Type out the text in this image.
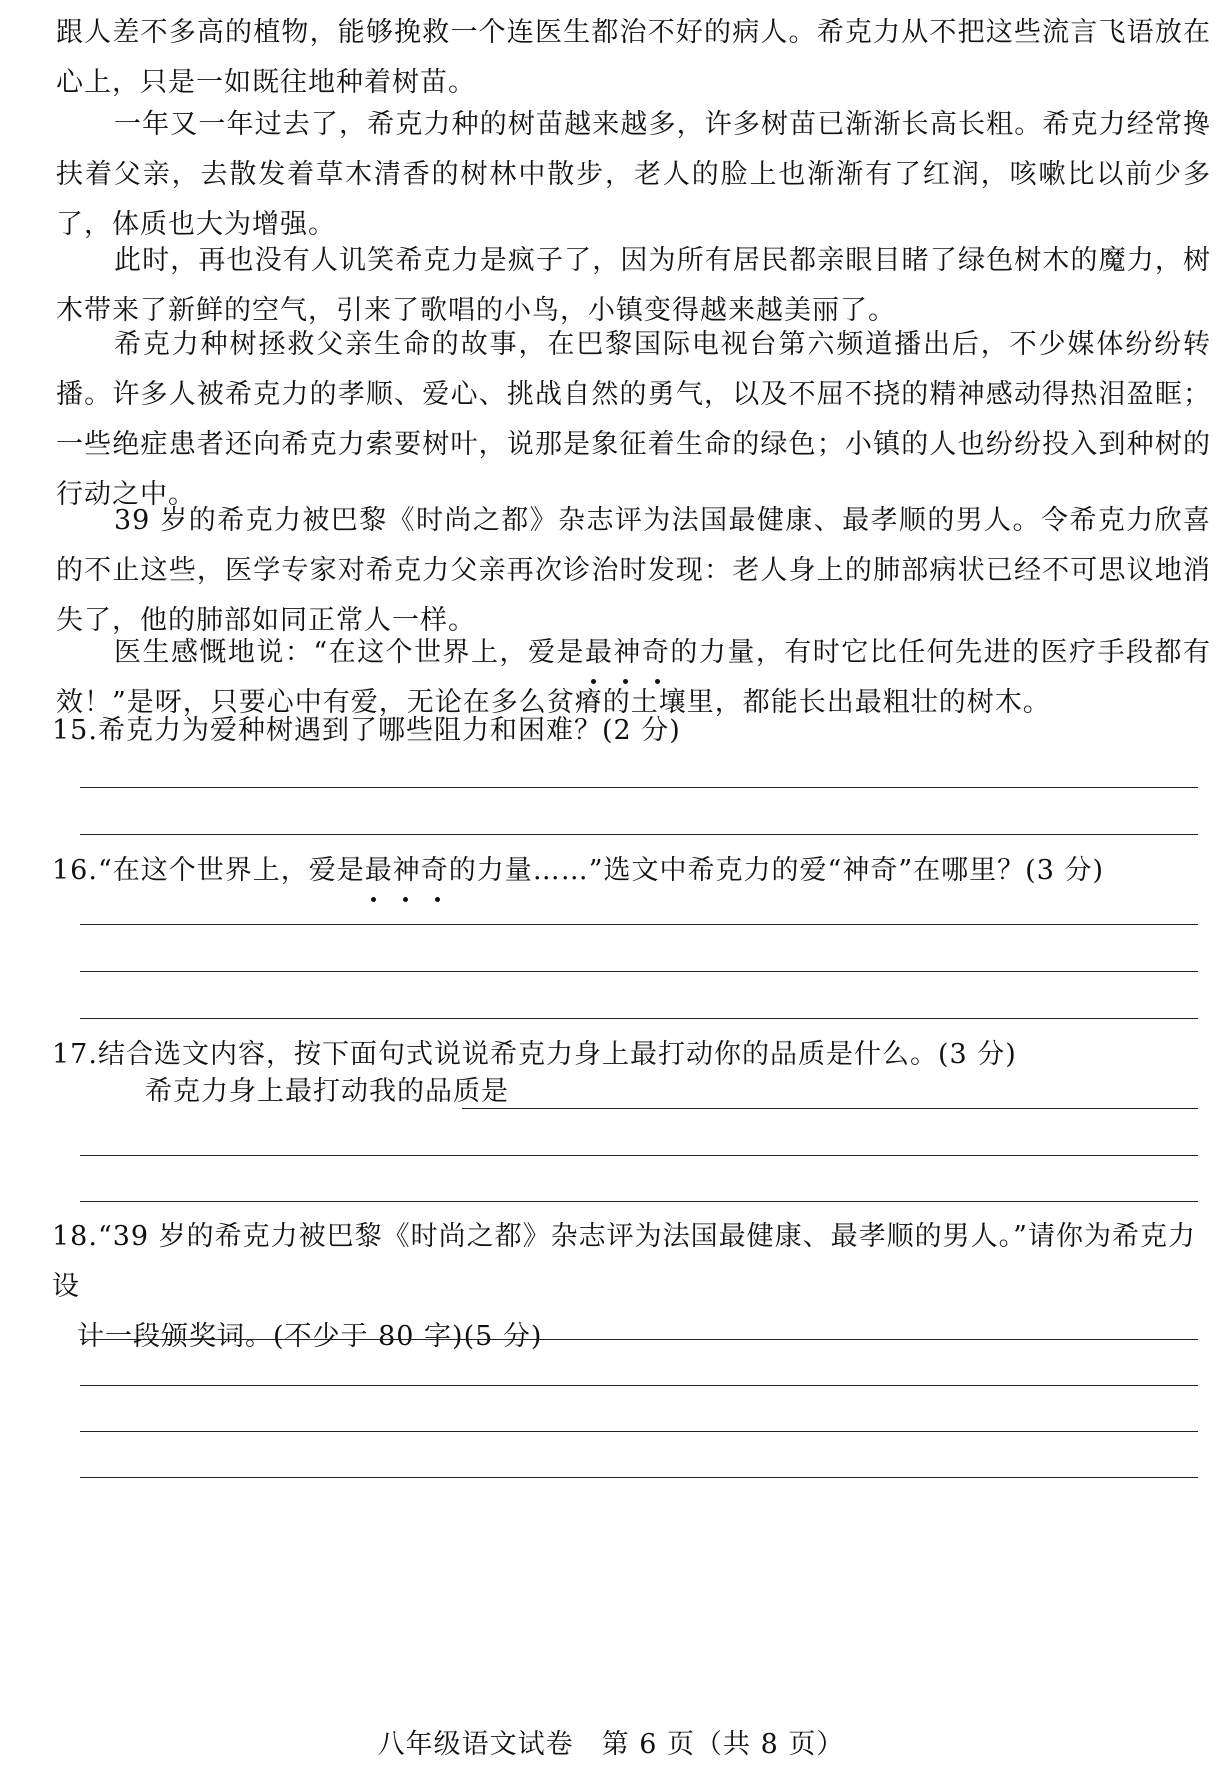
跟人差不多高的植物，能够挽救一个连医生都治不好的病人。希克力从不把这些流言飞语放在心上，只是一如既往地种着树苗。

一年又一年过去了，希克力种的树苗越来越多，许多树苗已渐渐长高长粗。希克力经常搀扶着父亲，去散发着草木清香的树林中散步，老人的脸上也渐渐有了红润，咳嗽比以前少多了，体质也大为增强。

此时，再也没有人讥笑希克力是疯子了，因为所有居民都亲眼目睹了绿色树木的魔力，树木带来了新鲜的空气，引来了歌唱的小鸟，小镇变得越来越美丽了。

希克力种树拯救父亲生命的故事，在巴黎国际电视台第六频道播出后，不少媒体纷纷转播。许多人被希克力的孝顺、爱心、挑战自然的勇气，以及不屈不挠的精神感动得热泪盈眶；一些绝症患者还向希克力索要树叶，说那是象征着生命的绿色；小镇的人也纷纷投入到种树的行动之中。

39 岁的希克力被巴黎《时尚之都》杂志评为法国最健康、最孝顺的男人。令希克力欣喜的不止这些，医学专家对希克力父亲再次诊治时发现：老人身上的肺部病状已经不可思议地消失了，他的肺部如同正常人一样。

医生感慨地说：“在这个世界上，爱是最神奇
的力量，有时它比任何先进的医疗手段都有效！”是呀，只要心中有爱，无论在多么贫瘠的土壤里，都能长出最粗壮的树木。

15.希克力为爱种树遇到了哪些阻力和困难？(2 分)

16.“在这个世界上，爱是最神奇
的力量……”选文中希克力的爱“神奇”在哪里？(3 分)

17.结合选文内容，按下面句式说说希克力身上最打动你的品质是什么。(3 分)

希克力身上最打动我的品质是

18.“39 岁的希克力被巴黎《时尚之都》杂志评为法国最健康、最孝顺的男人。”请你为希克力设
计一段颁奖词。(不少于 80 字)(5 分)

八年级语文试卷　第 6 页（共 8 页）
